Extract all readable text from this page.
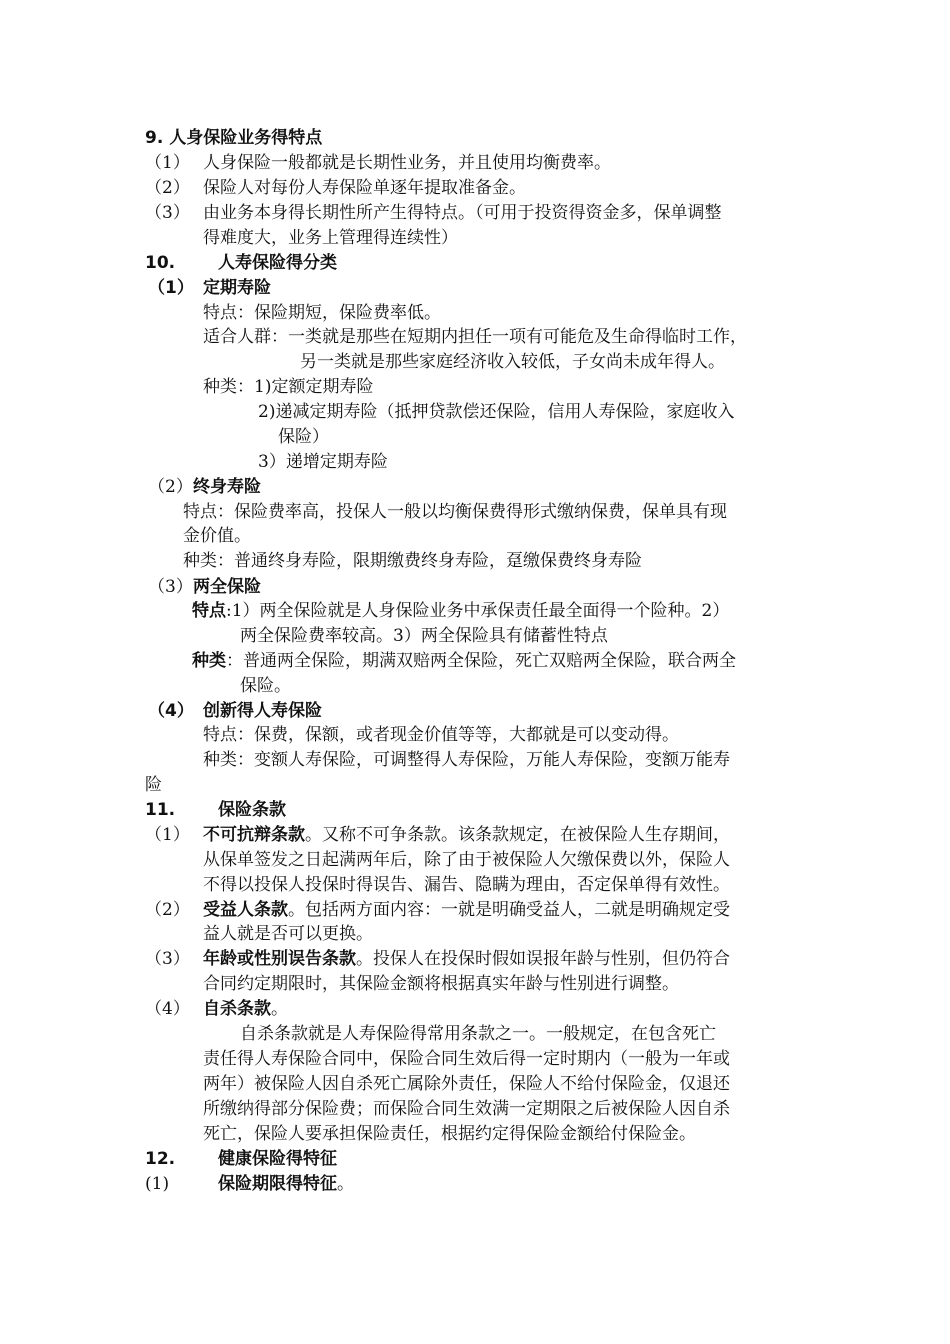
9. 人身保险业务得特点
（1） 人身保险一般都就是长期性业务，并且使用均衡费率。
（2） 保险人对每份人寿保险单逐年提取准备金。
（3） 由业务本身得长期性所产生得特点。（可用于投资得资金多，保单调整
得难度大，业务上管理得连续性）
10.	人寿保险得分类
（1） 定期寿险
特点：保险期短，保险费率低。
适合人群：一类就是那些在短期内担任一项有可能危及生命得临时工作，
另一类就是那些家庭经济收入较低，子女尚未成年得人。
种类：1)定额定期寿险
2)递减定期寿险（抵押贷款偿还保险，信用人寿保险，家庭收入
保险）
3）递增定期寿险
（2） 终身寿险
特点：保险费率高，投保人一般以均衡保费得形式缴纳保费，保单具有现
金价值。
种类：普通终身寿险，限期缴费终身寿险，趸缴保费终身寿险
（3） 两全保险
特点:1）两全保险就是人身保险业务中承保责任最全面得一个险种。2）
两全保险费率较高。3）两全保险具有储蓄性特点
种类：普通两全保险，期满双赔两全保险，死亡双赔两全保险，联合两全
保险。
（4） 创新得人寿保险
特点：保费，保额，或者现金价值等等，大都就是可以变动得。
种类：变额人寿保险，可调整得人寿保险，万能人寿保险，变额万能寿
险
11.	保险条款
（1） 不可抗辩条款。又称不可争条款。该条款规定，在被保险人生存期间，
从保单签发之日起满两年后，除了由于被保险人欠缴保费以外，保险人
不得以投保人投保时得误告、漏告、隐瞒为理由，否定保单得有效性。
（2） 受益人条款。包括两方面内容：一就是明确受益人，二就是明确规定受
益人就是否可以更换。
（3） 年龄或性别误告条款。投保人在投保时假如误报年龄与性别，但仍符合
合同约定期限时，其保险金额将根据真实年龄与性别进行调整。
（4） 自杀条款。
自杀条款就是人寿保险得常用条款之一。一般规定，在包含死亡
责任得人寿保险合同中，保险合同生效后得一定时期内（一般为一年或
两年）被保险人因自杀死亡属除外责任，保险人不给付保险金，仅退还
所缴纳得部分保险费；而保险合同生效满一定期限之后被保险人因自杀
死亡，保险人要承担保险责任，根据约定得保险金额给付保险金。
12.	健康保险得特征
(1)	保险期限得特征。
